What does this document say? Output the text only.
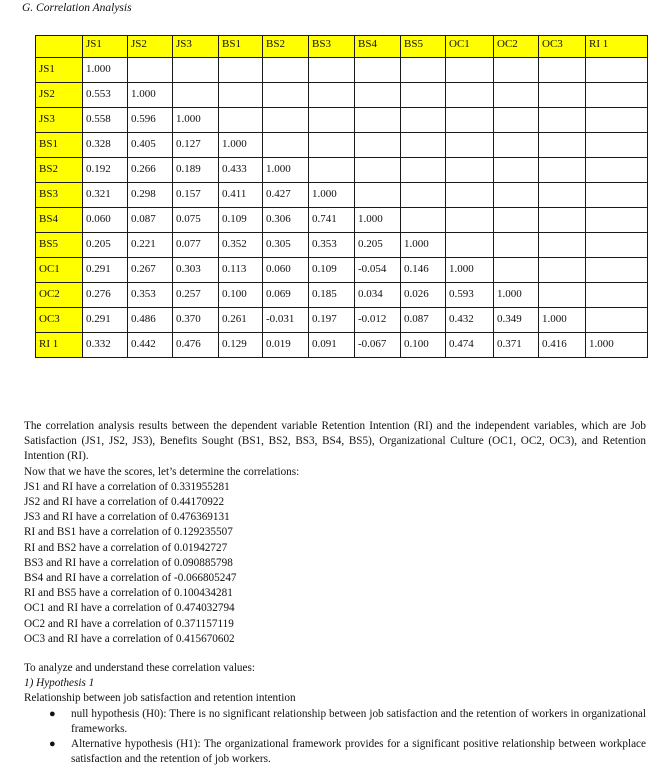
G. Correlation Analysis
	JS1	JS2	JS3	BS1	BS2	BS3	BS4	BS5	OC1	OC2	OC3	RI 1
JS1	1.000											
JS2	0.553	1.000										
JS3	0.558	0.596	1.000									
BS1	0.328	0.405	0.127	1.000								
BS2	0.192	0.266	0.189	0.433	1.000							
BS3	0.321	0.298	0.157	0.411	0.427	1.000						
BS4	0.060	0.087	0.075	0.109	0.306	0.741	1.000					
BS5	0.205	0.221	0.077	0.352	0.305	0.353	0.205	1.000				
OC1	0.291	0.267	0.303	0.113	0.060	0.109	-0.054	0.146	1.000			
OC2	0.276	0.353	0.257	0.100	0.069	0.185	0.034	0.026	0.593	1.000		
OC3	0.291	0.486	0.370	0.261	-0.031	0.197	-0.012	0.087	0.432	0.349	1.000	
RI 1	0.332	0.442	0.476	0.129	0.019	0.091	-0.067	0.100	0.474	0.371	0.416	1.000

The correlation analysis results between the dependent variable Retention Intention (RI) and the independent variables, which are Job Satisfaction (JS1, JS2, JS3), Benefits Sought (BS1, BS2, BS3, BS4, BS5), Organizational Culture (OC1, OC2, OC3), and Retention Intention (RI).

Now that we have the scores, let’s determine the correlations:

JS1 and RI have a correlation of 0.331955281

JS2 and RI have a correlation of 0.44170922

JS3 and RI have a correlation of 0.476369131

RI and BS1 have a correlation of 0.129235507

RI and BS2 have a correlation of 0.01942727

BS3 and RI have a correlation of 0.090885798

BS4 and RI have a correlation of -0.066805247

RI and BS5 have a correlation of 0.100434281

OC1 and RI have a correlation of 0.474032794

OC2 and RI have a correlation of 0.371157119

OC3 and RI have a correlation of 0.415670602

To analyze and understand these correlation values:

1) Hypothesis 1

Relationship between job satisfaction and retention intention

● null hypothesis (H0): There is no significant relationship between job satisfaction and the retention of workers in organizational frameworks.
● Alternative hypothesis (H1): The organizational framework provides for a significant positive relationship between workplace satisfaction and the retention of job workers.
